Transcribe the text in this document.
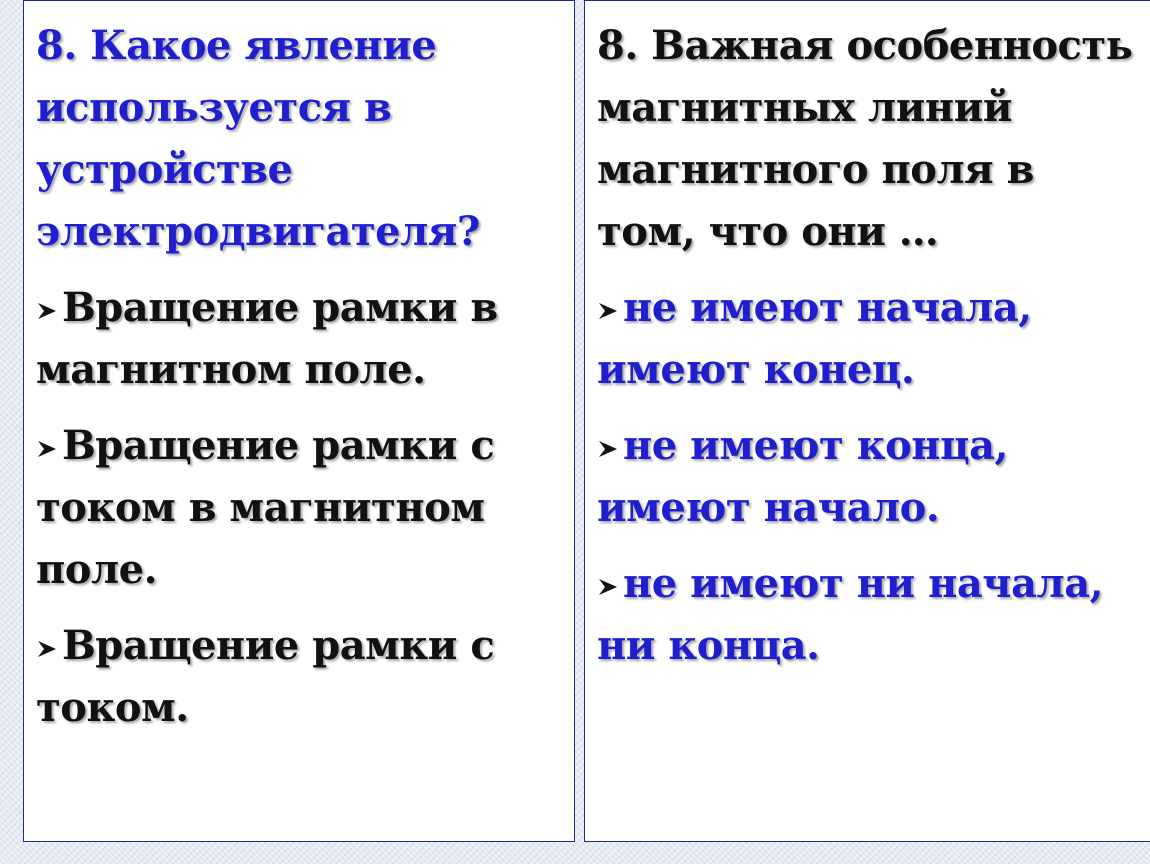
8. Какое явление используется в устройстве электродвигателя?

Вращение рамки в магнитном поле.

Вращение рамки с током в магнитном поле.

Вращение рамки с током.

8. Важная особенность магнитных линий магнитного поля в том, что они …

не имеют начала, имеют конец.

не имеют конца, имеют начало.

не имеют ни начала, ни конца.
